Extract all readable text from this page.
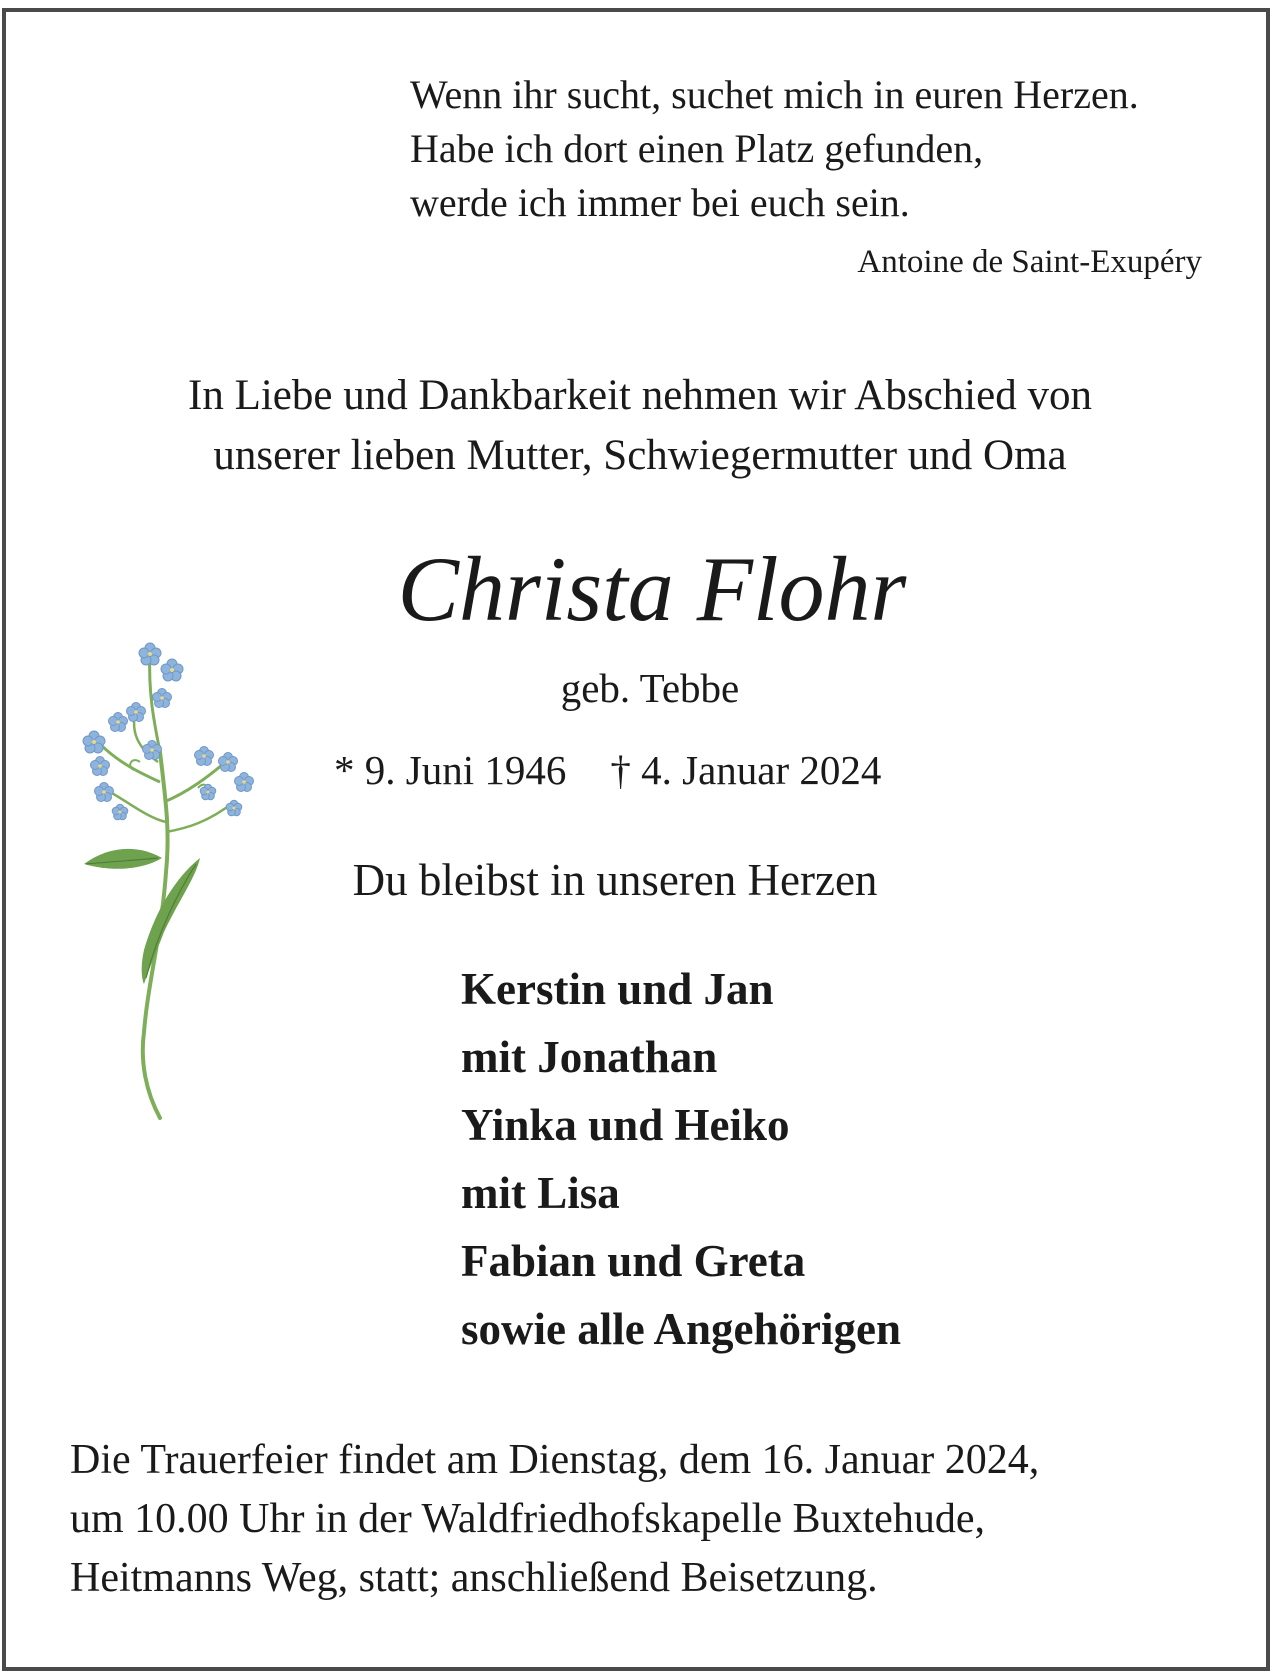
Wenn ihr sucht, suchet mich in euren Herzen.
Habe ich dort einen Platz gefunden,
werde ich immer bei euch sein.
Antoine de Saint-Exupéry
In Liebe und Dankbarkeit nehmen wir Abschied von
unserer lieben Mutter, Schwiegermutter und Oma
Christa Flohr
geb. Tebbe
* 9. Juni 1946 † 4. Januar 2024
Du bleibst in unseren Herzen
Kerstin und Jan
mit Jonathan
Yinka und Heiko
mit Lisa
Fabian und Greta
sowie alle Angehörigen
Die Trauerfeier findet am Dienstag, dem 16. Januar 2024,
um 10.00 Uhr in der Waldfriedhofskapelle Buxtehude,
Heitmanns Weg, statt; anschließend Beisetzung.
